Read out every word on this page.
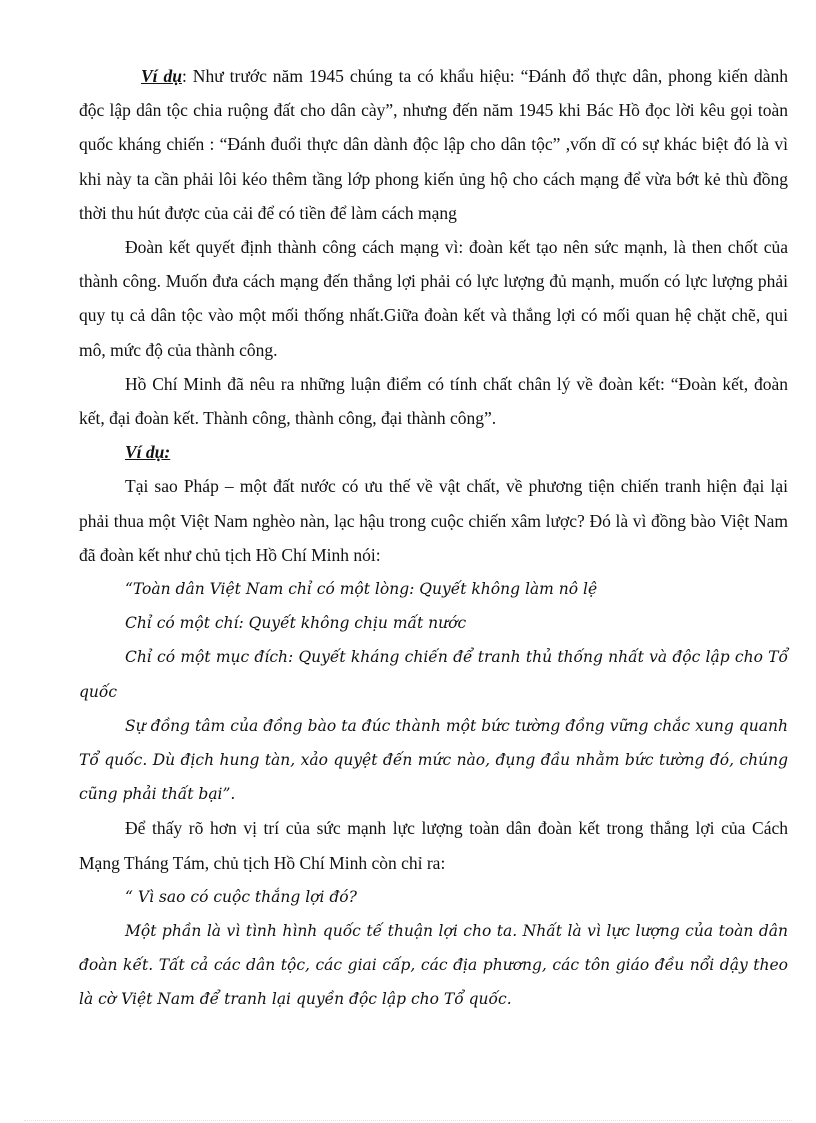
Ví dụ: Như trước năm 1945 chúng ta có khẩu hiệu: “Đánh đổ thực dân, phong kiến dành độc lập dân tộc chia ruộng đất cho dân cày”, nhưng đến năm 1945 khi Bác Hồ đọc lời kêu gọi toàn quốc kháng chiến : “Đánh đuổi thực dân dành độc lập cho dân tộc” ,vốn dĩ có sự khác biệt đó là vì khi này ta cần phải lôi kéo thêm tầng lớp phong kiến ủng hộ cho cách mạng để vừa bớt kẻ thù đồng thời thu hút được của cải để có tiền để làm cách mạng

Đoàn kết quyết định thành công cách mạng vì: đoàn kết tạo nên sức mạnh, là then chốt của thành công. Muốn đưa cách mạng đến thắng lợi phải có lực lượng đủ mạnh, muốn có lực lượng phải quy tụ cả dân tộc vào một mối thống nhất.Giữa đoàn kết và thắng lợi có mối quan hệ chặt chẽ, qui mô, mức độ của thành công.

Hồ Chí Minh đã nêu ra những luận điểm có tính chất chân lý về đoàn kết: “Đoàn kết, đoàn kết, đại đoàn kết. Thành công, thành công, đại thành công”.

Ví dụ:

Tại sao Pháp – một đất nước có ưu thế về vật chất, về phương tiện chiến tranh hiện đại lại phải thua một Việt Nam nghèo nàn, lạc hậu trong cuộc chiến xâm lược? Đó là vì đồng bào Việt Nam đã đoàn kết như chủ tịch Hồ Chí Minh nói:

“Toàn dân Việt Nam chỉ có một lòng: Quyết không làm nô lệ

Chỉ có một chí: Quyết không chịu mất nước

Chỉ có một mục đích: Quyết kháng chiến để tranh thủ thống nhất và độc lập cho Tổ quốc

Sự đồng tâm của đồng bào ta đúc thành một bức tường đồng vững chắc xung quanh Tổ quốc. Dù địch hung tàn, xảo quyệt đến mức nào, đụng đầu nhằm bức tường đó, chúng cũng phải thất bại”.

Để thấy rõ hơn vị trí của sức mạnh lực lượng toàn dân đoàn kết trong thắng lợi của Cách Mạng Tháng Tám, chủ tịch Hồ Chí Minh còn chỉ ra:

“ Vì sao có cuộc thắng lợi đó?

Một phần là vì tình hình quốc tế thuận lợi cho ta. Nhất là vì lực lượng của toàn dân đoàn kết. Tất cả các dân tộc, các giai cấp, các địa phương, các tôn giáo đều nổi dậy theo là cờ Việt Nam để tranh lại quyền độc lập cho Tổ quốc.
